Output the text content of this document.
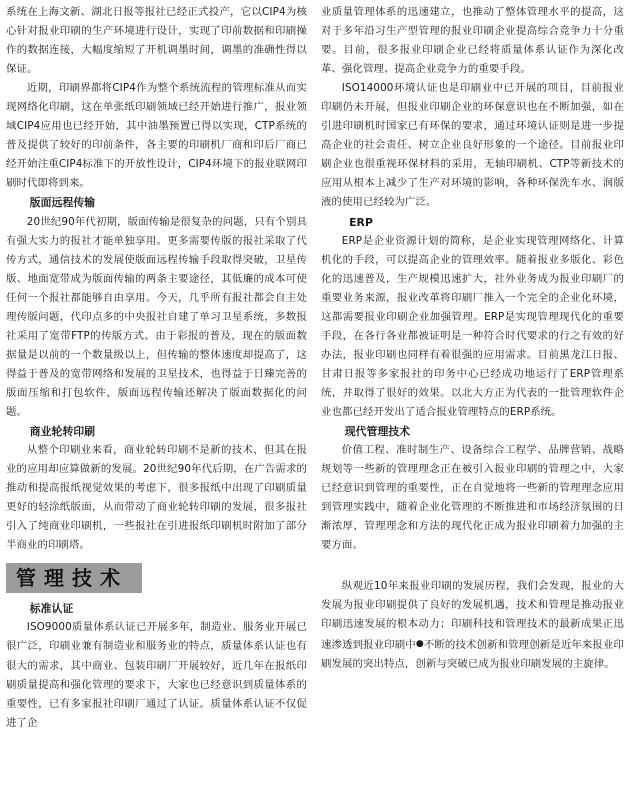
系统在上海文新、湖北日报等报社已经正式投产，它以CIP4为核心针对报业印刷的生产环境进行设计，实现了印前数据和印刷操作的数据连接，大幅度缩短了开机调墨时间，调墨的准确性得以保证。

近期，印刷界都将CIP4作为整个系统流程的管理标准从而实现网络化印刷，这在单张纸印刷领域已经开始进行推广，报业领域CIP4应用也已经开始，其中油墨预置已得以实现，CTP系统的普及提供了较好的印前条件，各主要的印刷机厂商和印后厂商已经开始注重CIP4标准下的开放性设计，CIP4环境下的报业联网印刷时代即将到来。

版面远程传输

20世纪90年代初期，版面传输是很复杂的问题，只有个别具有强大实力的报社才能单独享用。更多需要传版的报社采取了代传方式，通信技术的发展使版面远程传输手段取得突破，卫星传版、地面宽带成为版面传输的两条主要途径，其低廉的成本可使任何一个报社都能够自由享用。今天，几乎所有报社都会自主处理传版问题，代印点多的中央报社自建了单习卫星系统，多数报社采用了宽带FTP的传版方式。由于彩报的普及，现在的版面数据量是以前的一个数量级以上，但传输的整体速度却提高了，这得益于普及的宽带网络和发展的卫星技术，也得益于日臻完善的版面压缩和打包软件，版面远程传输还解决了版面数据化的问题。

商业轮转印刷

从整个印刷业来看，商业轮转印刷不是新的技术，但其在报业的应用却应算做新的发展。20世纪90年代后期，在广告需求的推动和提高报纸视觉效果的考虑下，很多报纸中出现了印刷质量更好的轻涂纸版面，从而带动了商业轮转印刷的发展，很多报社引入了纯商业印刷机，一些报社在引进报纸印刷机时附加了部分半商业的印刷塔。

管理技术
标准认证

ISO9000质量体系认证已开展多年，制造业、服务业开展已很广泛，印刷业兼有制造业和服务业的特点，质量体系认证也有很大的需求，其中商业、包装印刷厂开展较好，近几年在报纸印刷质量提高和强化管理的要求下，大家也已经意识到质量体系的重要性，已有多家报社印刷厂通过了认证。质量体系认证不仅促进了企

业质量管理体系的迅速建立，也推动了整体管理水平的提高，这对于多年沿习生产型管理的报业印刷企业提高综合竞争力十分重要。目前，很多报业印刷企业已经将质量体系认证作为深化改革、强化管理、提高企业竞争力的重要手段。

ISO14000环境认证也是印刷业中已开展的项目，目前报业印刷仍未开展，但报业印刷企业的环保意识也在不断加强，如在引进印刷机时国家已有环保的要求，通过环境认证则是进一步提高企业的社会责任、树立企业良好形象的一个途径。目前报业印刷企业也很重视环保材料的采用，无轴印刷机、CTP等新技术的应用从根本上减少了生产对环境的影响，各种环保洗车水、润版液的使用已经较为广泛。

ERP

ERP是企业资源计划的简称，是企业实现管理网络化、计算机化的手段，可以提高企业的管理效率。随着报业多版化、彩色化的迅速普及，生产规模迅速扩大，社外业务成为报业印刷厂的重要业务来源，报业改革将印刷厂推入一个完全的企业化环境，这都需要报业印刷企业加强管理。ERP是实现管理现代化的重要手段，在各行各业都被证明是一种符合时代要求的行之有效的好办法，报业印刷也同样有着很强的应用需求。目前黑龙江日报、甘肃日报等多家报社的印务中心已经成功地运行了ERP管理系统，并取得了很好的效果。以北大方正为代表的一批管理软件企业也都已经开发出了适合报业管理特点的ERP系统。

现代管理技术

价值工程、准时制生产、设备综合工程学、品牌营销、战略规划等一些新的管理理念正在被引入报业印刷的管理之中，大家已经意识到管理的重要性，正在自觉地将一些新的管理理念应用到管理实践中，随着企业化管理的不断推进和市场经济氛围的日渐浓厚，管理理念和方法的现代化正成为报业印刷着力加强的主要方面。

纵观近10年来报业印刷的发展历程，我们会发现，报业的大发展为报业印刷提供了良好的发展机遇，技术和管理是推动报业印刷迅速发展的根本动力；印刷科技和管理技术的最新成果正迅速渗透到报业印刷中●不断的技术创新和管理创新是近年来报业印刷发展的突出特点，创新与突破已成为报业印刷发展的主旋律。
